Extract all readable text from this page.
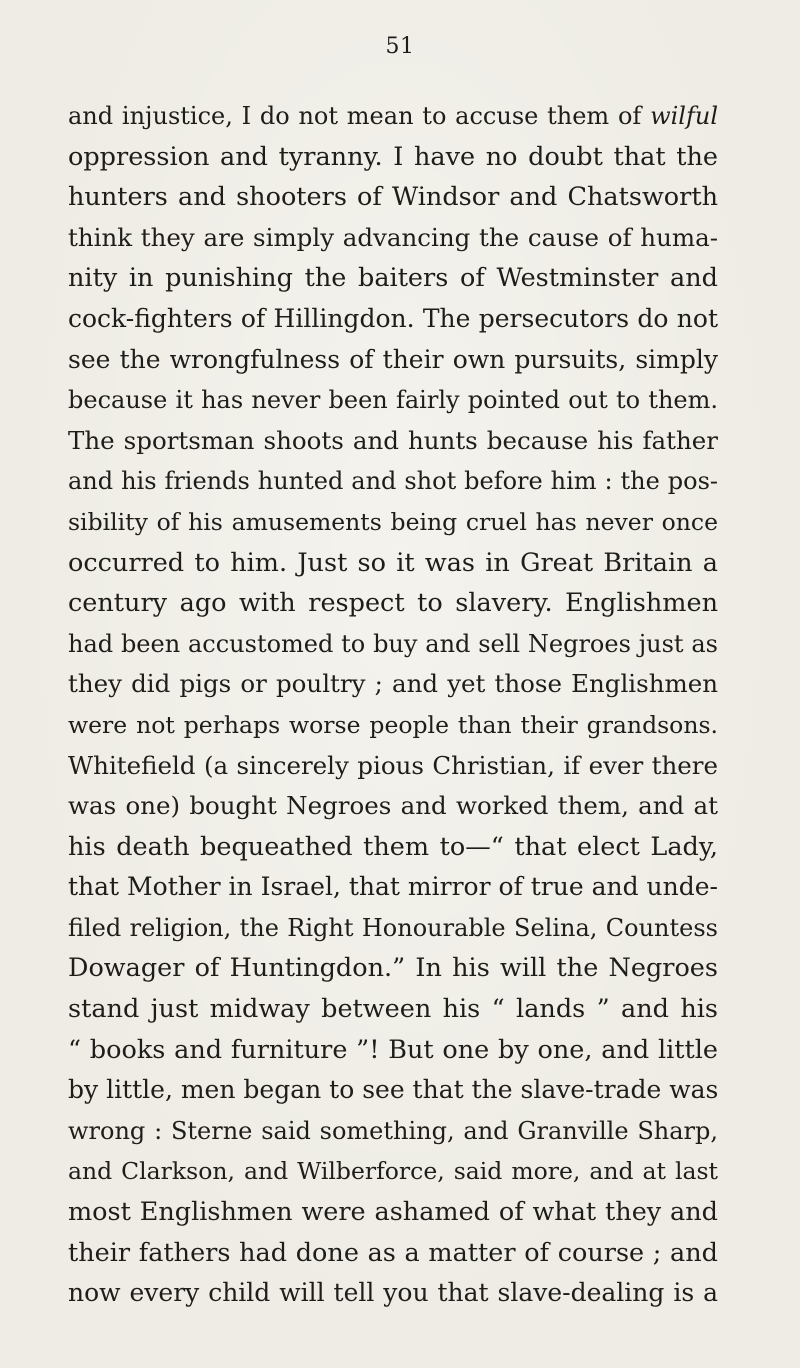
51
and injustice, I do not mean to accuse them of wilful
oppression and tyranny. I have no doubt that the
hunters and shooters of Windsor and Chatsworth
think they are simply advancing the cause of huma-
nity in punishing the baiters of Westminster and
cock-fighters of Hillingdon. The persecutors do not
see the wrongfulness of their own pursuits, simply
because it has never been fairly pointed out to them.
The sportsman shoots and hunts because his father
and his friends hunted and shot before him : the pos-
sibility of his amusements being cruel has never once
occurred to him. Just so it was in Great Britain a
century ago with respect to slavery. Englishmen
had been accustomed to buy and sell Negroes just as
they did pigs or poultry ; and yet those Englishmen
were not perhaps worse people than their grandsons.
Whitefield (a sincerely pious Christian, if ever there
was one) bought Negroes and worked them, and at
his death bequeathed them to—“ that elect Lady,
that Mother in Israel, that mirror of true and unde-
filed religion, the Right Honourable Selina, Countess
Dowager of Huntingdon.” In his will the Negroes
stand just midway between his “ lands ” and his
“ books and furniture ”! But one by one, and little
by little, men began to see that the slave-trade was
wrong : Sterne said something, and Granville Sharp,
and Clarkson, and Wilberforce, said more, and at last
most Englishmen were ashamed of what they and
their fathers had done as a matter of course ; and
now every child will tell you that slave-dealing is a
